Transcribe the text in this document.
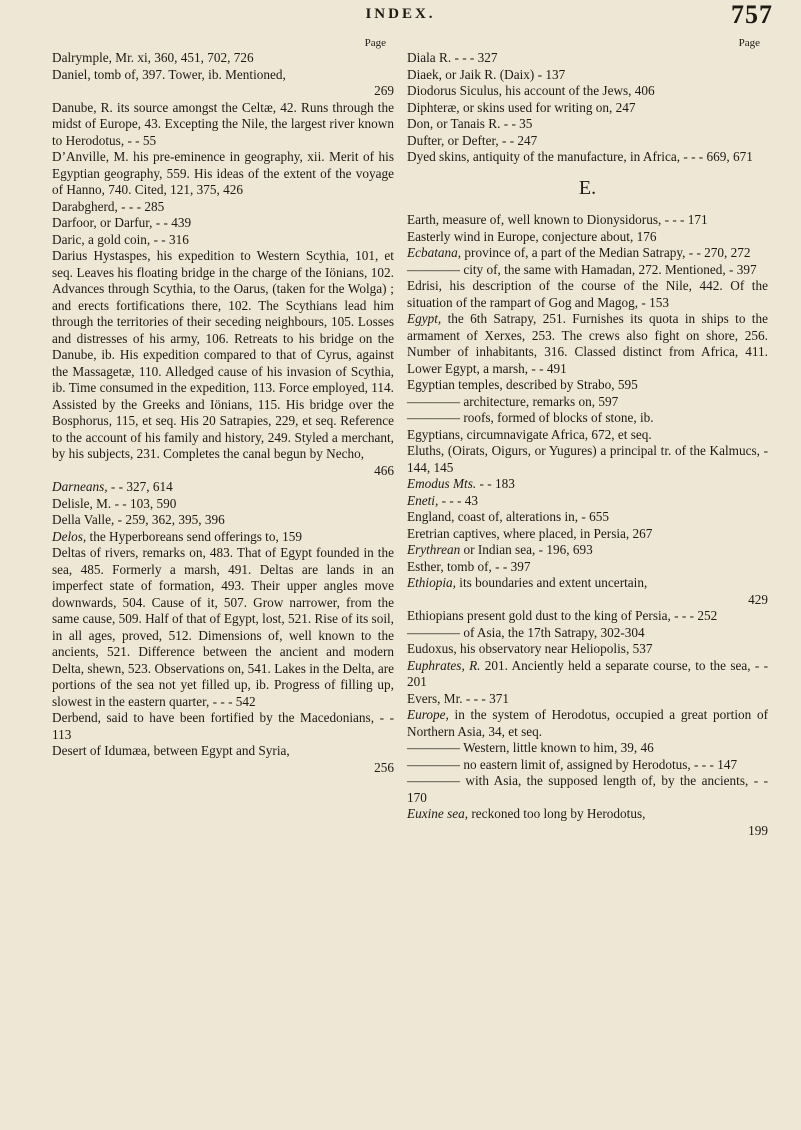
INDEX.	757
Page

Dalrymple, Mr. xi, 360, 451, 702, 726

Daniel, tomb of, 397. Tower, ib. Mentioned,

269

Danube, R. its source amongst the Celtæ, 42. Runs through the midst of Europe, 43. Excepting the Nile, the largest river known to Herodotus, - - 55

D’Anville, M. his pre-eminence in geography, xii. Merit of his Egyptian geography, 559. His ideas of the extent of the voyage of Hanno, 740. Cited, 121, 375, 426

Darabgherd, - - - 285

Darfoor, or Darfur, - - 439

Daric, a gold coin, - - 316

Darius Hystaspes, his expedition to Western Scythia, 101, et seq. Leaves his floating bridge in the charge of the Iönians, 102. Advances through Scythia, to the Oarus, (taken for the Wolga) ; and erects fortifications there, 102. The Scythians lead him through the territories of their seceding neighbours, 105. Losses and distresses of his army, 106. Retreats to his bridge on the Danube, ib. His expedition compared to that of Cyrus, against the Massagetæ, 110. Alledged cause of his invasion of Scythia, ib. Time consumed in the expedition, 113. Force employed, 114. Assisted by the Greeks and Iönians, 115. His bridge over the Bosphorus, 115, et seq. His 20 Satrapies, 229, et seq. Reference to the account of his family and history, 249. Styled a merchant, by his subjects, 231. Completes the canal begun by Necho,

466

Darneans, - - 327, 614

Delisle, M. - - 103, 590

Della Valle, - 259, 362, 395, 396

Delos, the Hyperboreans send offerings to, 159

Deltas of rivers, remarks on, 483. That of Egypt founded in the sea, 485. Formerly a marsh, 491. Deltas are lands in an imperfect state of formation, 493. Their upper angles move downwards, 504. Cause of it, 507. Grow narrower, from the same cause, 509. Half of that of Egypt, lost, 521. Rise of its soil, in all ages, proved, 512. Dimensions of, well known to the ancients, 521. Difference between the ancient and modern Delta, shewn, 523. Observations on, 541. Lakes in the Delta, are portions of the sea not yet filled up, ib. Progress of filling up, slowest in the eastern quarter, - - - 542

Derbend, said to have been fortified by the Macedonians, - - 113

Desert of Idumæa, between Egypt and Syria,

256

Page

Diala R. - - - 327

Diaek, or Jaik R. (Daix) - 137

Diodorus Siculus, his account of the Jews, 406

Diphteræ, or skins used for writing on, 247

Don, or Tanais R. - - 35

Dufter, or Defter, - - 247

Dyed skins, antiquity of the manufacture, in Africa, - - - 669, 671

E.

Earth, measure of, well known to Dionysidorus, - - - 171

Easterly wind in Europe, conjecture about, 176

Ecbatana, province of, a part of the Median Satrapy, - - 270, 272

———— city of, the same with Hamadan, 272. Mentioned, - 397

Edrisi, his description of the course of the Nile, 442. Of the situation of the rampart of Gog and Magog, - 153

Egypt, the 6th Satrapy, 251. Furnishes its quota in ships to the armament of Xerxes, 253. The crews also fight on shore, 256. Number of inhabitants, 316. Classed distinct from Africa, 411. Lower Egypt, a marsh, - - 491

Egyptian temples, described by Strabo, 595

———— architecture, remarks on, 597

———— roofs, formed of blocks of stone, ib.

Egyptians, circumnavigate Africa, 672, et seq.

Eluths, (Oirats, Oigurs, or Yugures) a principal tr. of the Kalmucs, - 144, 145

Emodus Mts. - - 183

Eneti, - - - 43

England, coast of, alterations in, - 655

Eretrian captives, where placed, in Persia, 267

Erythrean or Indian sea, - 196, 693

Esther, tomb of, - - 397

Ethiopia, its boundaries and extent uncertain,

429

Ethiopians present gold dust to the king of Persia, - - - 252

———— of Asia, the 17th Satrapy, 302-304

Eudoxus, his observatory near Heliopolis, 537

Euphrates, R. 201. Anciently held a separate course, to the sea, - - 201

Evers, Mr. - - - 371

Europe, in the system of Herodotus, occupied a great portion of Northern Asia, 34, et seq.

———— Western, little known to him, 39, 46

———— no eastern limit of, assigned by Herodotus, - - - 147

———— with Asia, the supposed length of, by the ancients, - - 170

Euxine sea, reckoned too long by Herodotus,

199
